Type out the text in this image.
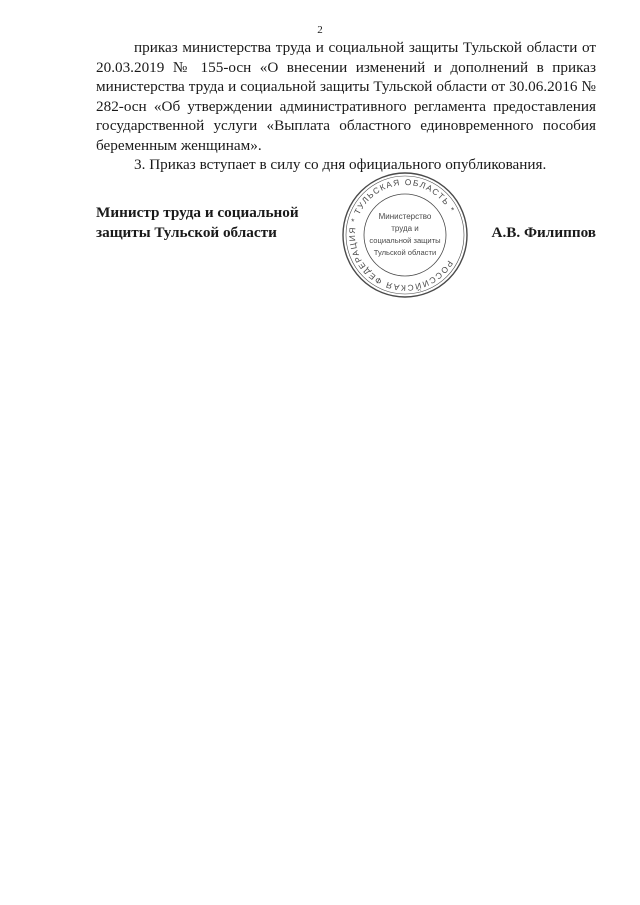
2

приказ министерства труда и социальной защиты Тульской области от 20.03.2019 № 155-осн «О внесении изменений и дополнений в приказ министерства труда и социальной защиты Тульской области от 30.06.2016 № 282-осн «Об утверждении административного регламента предоставления государственной услуги «Выплата областного единовременного пособия беременным женщинам».

3. Приказ вступает в силу со дня официального опубликования.

Министр труда и социальной
защиты Тульской области	А.В. Филиппов
РОССИЙСКАЯ ФЕДЕРАЦИЯ * ТУЛЬСКАЯ ОБЛАСТЬ *
Министерство
труда и
социальной защиты
Тульской области
